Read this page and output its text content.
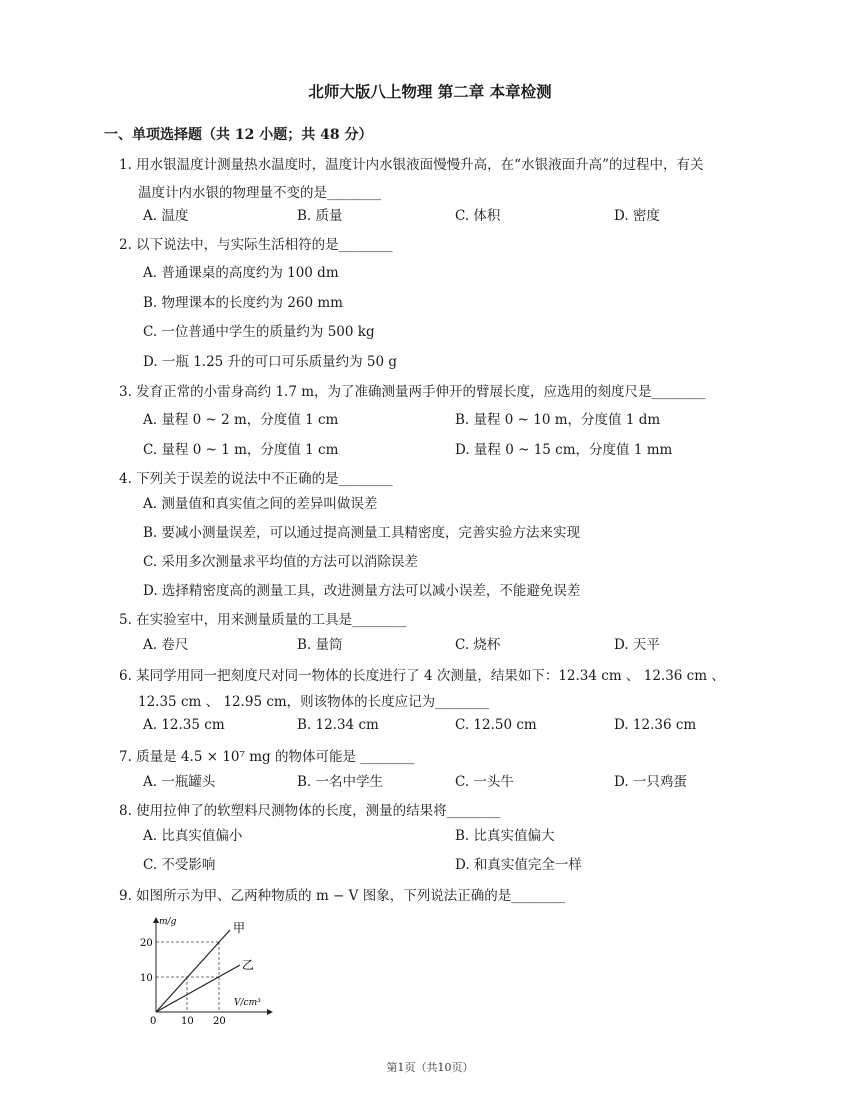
北师大版八上物理 第二章 本章检测
一、单项选择题（共 12 小题；共 48 分）
1. 用水银温度计测量热水温度时，温度计内水银液面慢慢升高，在“水银液面升高”的过程中，有关
温度计内水银的物理量不变的是________
A. 温度	B. 质量	C. 体积	D. 密度
2. 以下说法中，与实际生活相符的是________
A. 普通课桌的高度约为 100 dm
B. 物理课本的长度约为 260 mm
C. 一位普通中学生的质量约为 500 kg
D. 一瓶 1.25 升的可口可乐质量约为 50 g
3. 发育正常的小雷身高约 1.7 m，为了准确测量两手伸开的臂展长度，应选用的刻度尺是________
A. 量程 0 ~ 2 m，分度值 1 cm	B. 量程 0 ~ 10 m，分度值 1 dm
C. 量程 0 ~ 1 m，分度值 1 cm	D. 量程 0 ~ 15 cm，分度值 1 mm
4. 下列关于误差的说法中不正确的是________
A. 测量值和真实值之间的差异叫做误差
B. 要减小测量误差，可以通过提高测量工具精密度，完善实验方法来实现
C. 采用多次测量求平均值的方法可以消除误差
D. 选择精密度高的测量工具，改进测量方法可以减小误差，不能避免误差
5. 在实验室中，用来测量质量的工具是________
A. 卷尺	B. 量筒	C. 烧杯	D. 天平
6. 某同学用同一把刻度尺对同一物体的长度进行了 4 次测量，结果如下：12.34 cm 、 12.36 cm 、
12.35 cm 、 12.95 cm，则该物体的长度应记为________
A. 12.35 cm	B. 12.34 cm	C. 12.50 cm	D. 12.36 cm
7. 质量是 4.5 × 10⁷ mg 的物体可能是 ________
A. 一瓶罐头	B. 一名中学生	C. 一头牛	D. 一只鸡蛋
8. 使用拉伸了的软塑料尺测物体的长度，测量的结果将________
A. 比真实值偏小	B. 比真实值偏大
C. 不受影响	D. 和真实值完全一样
9. 如图所示为甲、乙两种物质的 m − V 图象，下列说法正确的是________
m/g
V/cm³
0 10 20
10
20
甲
乙
第1页（共10页）
